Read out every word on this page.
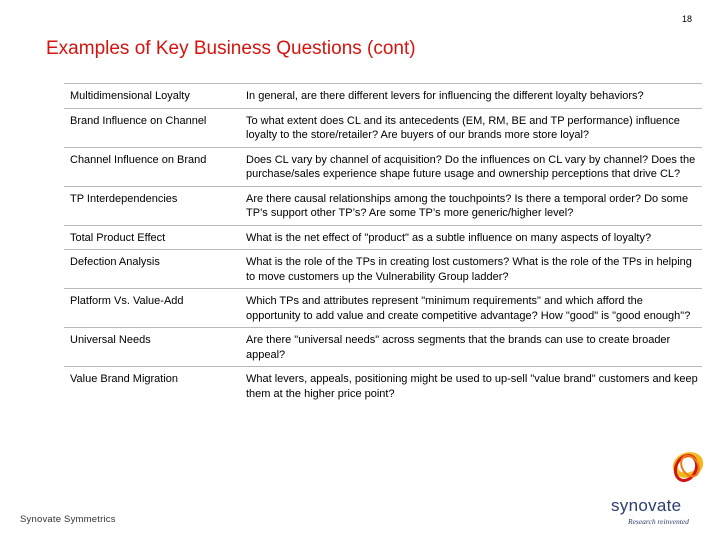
18
Examples of Key Business Questions (cont)
Multidimensional Loyalty	In general, are there different levers for influencing the different loyalty behaviors?
Brand Influence on Channel	To what extent does CL and its antecedents (EM, RM, BE and TP performance) influence loyalty to the store/retailer? Are buyers of our brands more store loyal?
Channel Influence on Brand	Does CL vary by channel of acquisition? Do the influences on CL vary by channel? Does the purchase/sales experience shape future usage and ownership perceptions that drive CL?
TP Interdependencies	Are there causal relationships among the touchpoints? Is there a temporal order? Do some TP’s support other TP’s? Are some TP’s more generic/higher level?
Total Product Effect	What is the net effect of "product" as a subtle influence on many aspects of loyalty?
Defection Analysis	What is the role of the TPs in creating lost customers? What is the role of the TPs in helping to move customers up the Vulnerability Group ladder?
Platform Vs. Value-Add	Which TPs and attributes represent "minimum requirements" and which afford the opportunity to add value and create competitive advantage? How "good" is "good enough"?
Universal Needs	Are there "universal needs" across segments that the brands can use to create broader appeal?
Value Brand Migration	What levers, appeals, positioning might be used to up-sell "value brand" customers and keep them at the higher price point?
Synovate Symmetrics
synovate
Research reinvented
